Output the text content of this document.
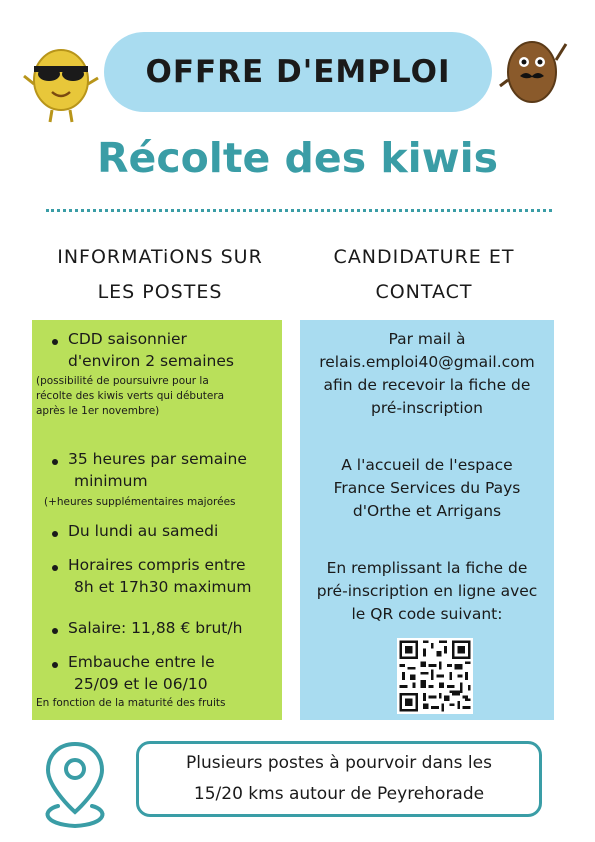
OFFRE D'EMPLOI
Récolte des kiwis
INFORMATiONS SUR
LES POSTES
CANDIDATURE ET
CONTACT
CDD saisonnier
d'environ 2 semaines
(possibilité de poursuivre pour la
récolte des kiwis verts qui débutera
après le 1er novembre)
35 heures par semaine
minimum
(+heures supplémentaires majorées
Du lundi au samedi
Horaires compris entre
8h et 17h30 maximum
Salaire: 11,88 € brut/h
Embauche entre le
25/09 et le 06/10
En fonction de la maturité des fruits
Par mail à
relais.emploi40@gmail.com
afin de recevoir la fiche de
pré-inscription
A l'accueil de l'espace
France Services du Pays
d'Orthe et Arrigans
En remplissant la fiche de
pré-inscription en ligne avec
le QR code suivant:
Plusieurs postes à pourvoir dans les
15/20 kms autour de Peyrehorade
